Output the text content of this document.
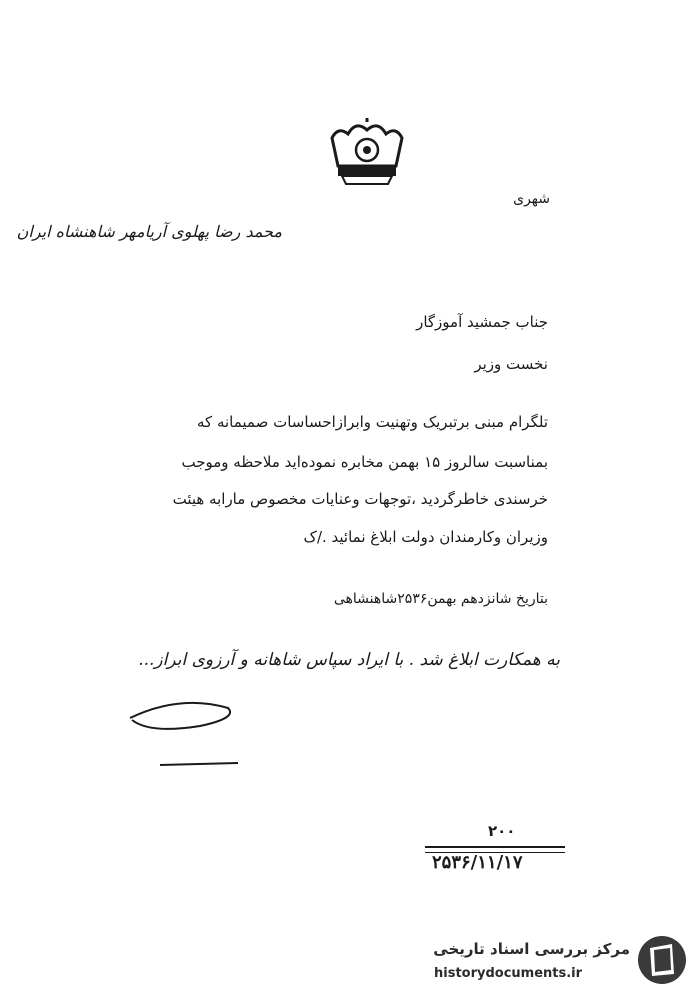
شهری
محمد رضا پهلوی آریامهر شاهنشاه ایران
جناب جمشید آموزگار
نخست وزیر
تلگرام مبنی برتبریک وتهنیت وابرازاحساسات صمیمانه که
بمناسبت سالروز ۱۵ بهمن مخابره نموده‌اید ملاحظه وموجب
خرسندی خاطرگردید ،توجهات وعنایات مخصوص مارابه هیئت
وزیران وکارمندان دولت ابلاغ نمائید ./ک
بتاریخ شانزدهم بهمن۲۵۳۶شاهنشاهی
به همکارت ابلاغ شد . با ایراد سپاس شاهانه و آرزوی ابراز...
۲۰۰
۲۵۳۶/۱۱/۱۷
مرکز بررسی اسناد تاریخی
historydocuments.ir
